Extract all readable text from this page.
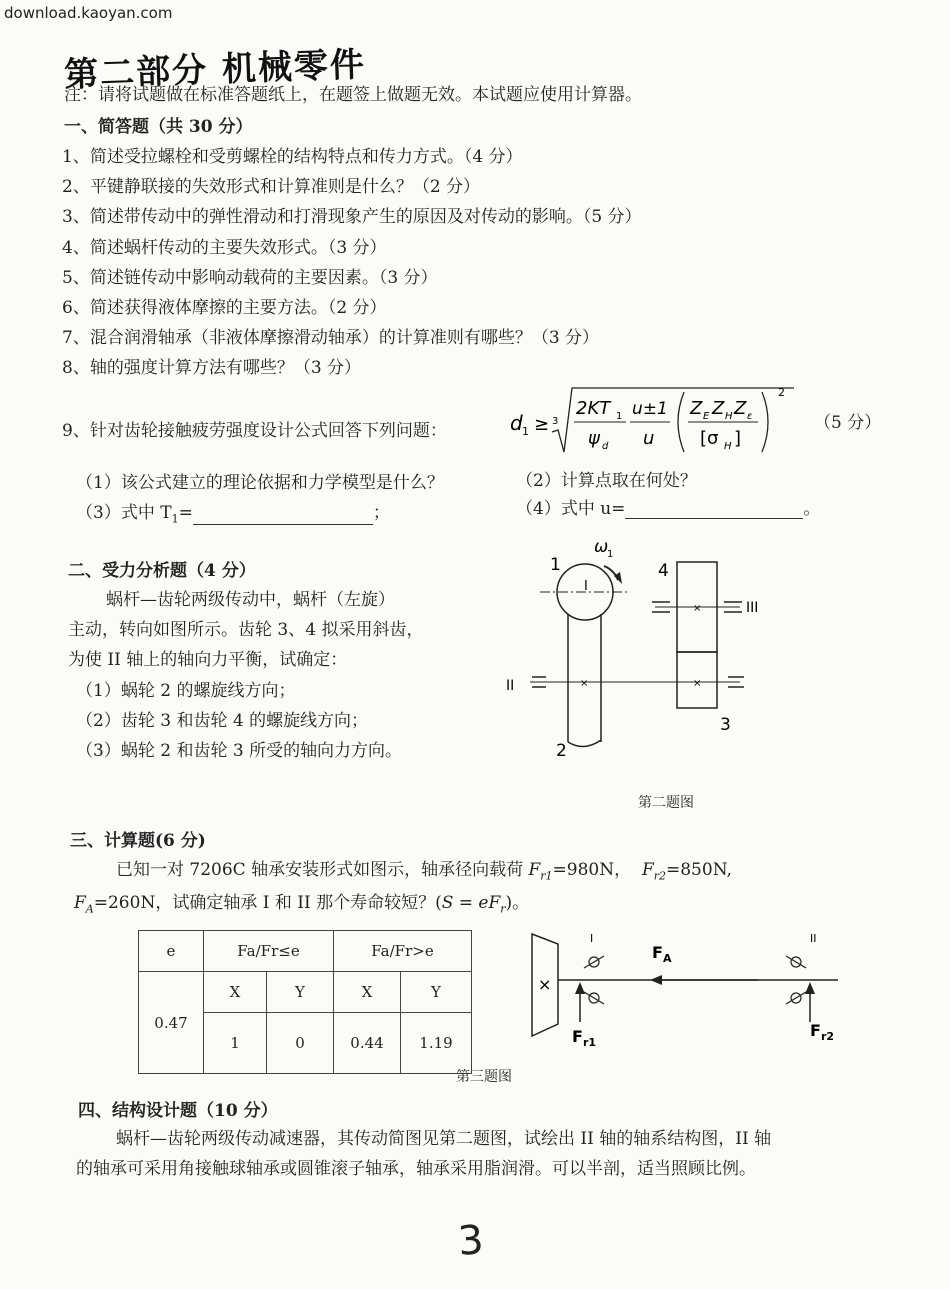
download.kaoyan.com
第二部分 机械零件
注：请将试题做在标准答题纸上，在题签上做题无效。本试题应使用计算器。
一、简答题（共 30 分）
1、简述受拉螺栓和受剪螺栓的结构特点和传力方式。（4 分）
2、平键静联接的失效形式和计算准则是什么？（2 分）
3、简述带传动中的弹性滑动和打滑现象产生的原因及对传动的影响。（5 分）
4、简述蜗杆传动的主要失效形式。（3 分）
5、简述链传动中影响动载荷的主要因素。（3 分）
6、简述获得液体摩擦的主要方法。（2 分）
7、混合润滑轴承（非液体摩擦滑动轴承）的计算准则有哪些？（3 分）
8、轴的强度计算方法有哪些？（3 分）
9、针对齿轮接触疲劳强度设计公式回答下列问题：	d 1 ≥ 3
2KT 1
ψ d
u±1
u
Z E Z H Z ε
[σ H ]
2
（5 分）
（1）该公式建立的理论依据和力学模型是什么？	（2）计算点取在何处？
（3）式中 $T_1=$	；	（4）式中 u=	。
二、受力分析题（4 分）
蜗杆—齿轮两级传动中，蜗杆（左旋）
主动，转向如图所示。齿轮 3、4 拟采用斜齿，
为使 II 轴上的轴向力平衡，试确定：
（1）蜗轮 2 的螺旋线方向；
（2）齿轮 3 和齿轮 4 的螺旋线方向；
（3）蜗轮 2 和齿轮 3 所受的轴向力方向。
×
×
×
1
ω
1
I
4
III
II
3
2
第二题图
三、计算题(6 分)
已知一对 7206C 轴承安装形式如图示，轴承径向载荷 $F_{r1}=980N$， $F_{r2}=850N$,
$F_A=260N$，试确定轴承 I 和 II 那个寿命较短？$(S = eF_r)$。
e	Fa/Fr≤e		Fa/Fr>e	
0.47	X	Y	X	Y
	1	0	0.44	1.19
×
I	II
F A
F r1
F r2
第三题图
四、结构设计题（10 分）
蜗杆—齿轮两级传动减速器，其传动简图见第二题图，试绘出 II 轴的轴系结构图，II 轴
的轴承可采用角接触球轴承或圆锥滚子轴承，轴承采用脂润滑。可以半剖，适当照顾比例。
3
